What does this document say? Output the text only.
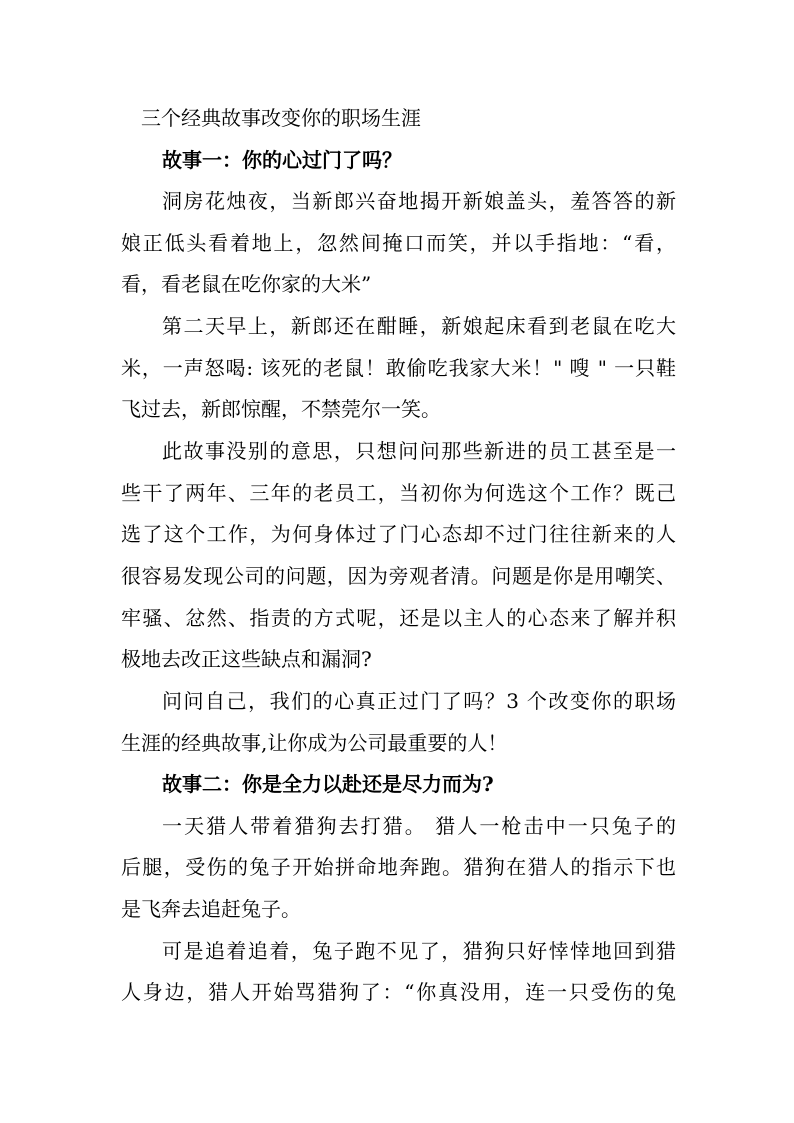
三个经典故事改变你的职场生涯
故事一：你的心过门了吗？
洞房花烛夜，当新郎兴奋地揭开新娘盖头，羞答答的新
娘正低头看着地上，忽然间掩口而笑，并以手指地：“看，
看，看老鼠在吃你家的大米”
第二天早上，新郎还在酣睡，新娘起床看到老鼠在吃大
米，一声怒喝: 该死的老鼠！敢偷吃我家大米！" 嗖 " 一只鞋
飞过去，新郎惊醒，不禁莞尔一笑。
此故事没别的意思，只想问问那些新进的员工甚至是一
些干了两年、三年的老员工，当初你为何选这个工作？既己
选了这个工作，为何身体过了门心态却不过门往往新来的人
很容易发现公司的问题，因为旁观者清。问题是你是用嘲笑、
牢骚、忿然、指责的方式呢，还是以主人的心态来了解并积
极地去改正这些缺点和漏洞?
问问自己，我们的心真正过门了吗？3 个改变你的职场
生涯的经典故事,让你成为公司最重要的人！
故事二：你是全力以赴还是尽力而为?
一天猎人带着猎狗去打猎。 猎人一枪击中一只兔子的
后腿，受伤的兔子开始拼命地奔跑。猎狗在猎人的指示下也
是飞奔去追赶兔子。
可是追着追着，兔子跑不见了，猎狗只好悻悻地回到猎
人身边，猎人开始骂猎狗了：“你真没用，连一只受伤的兔
